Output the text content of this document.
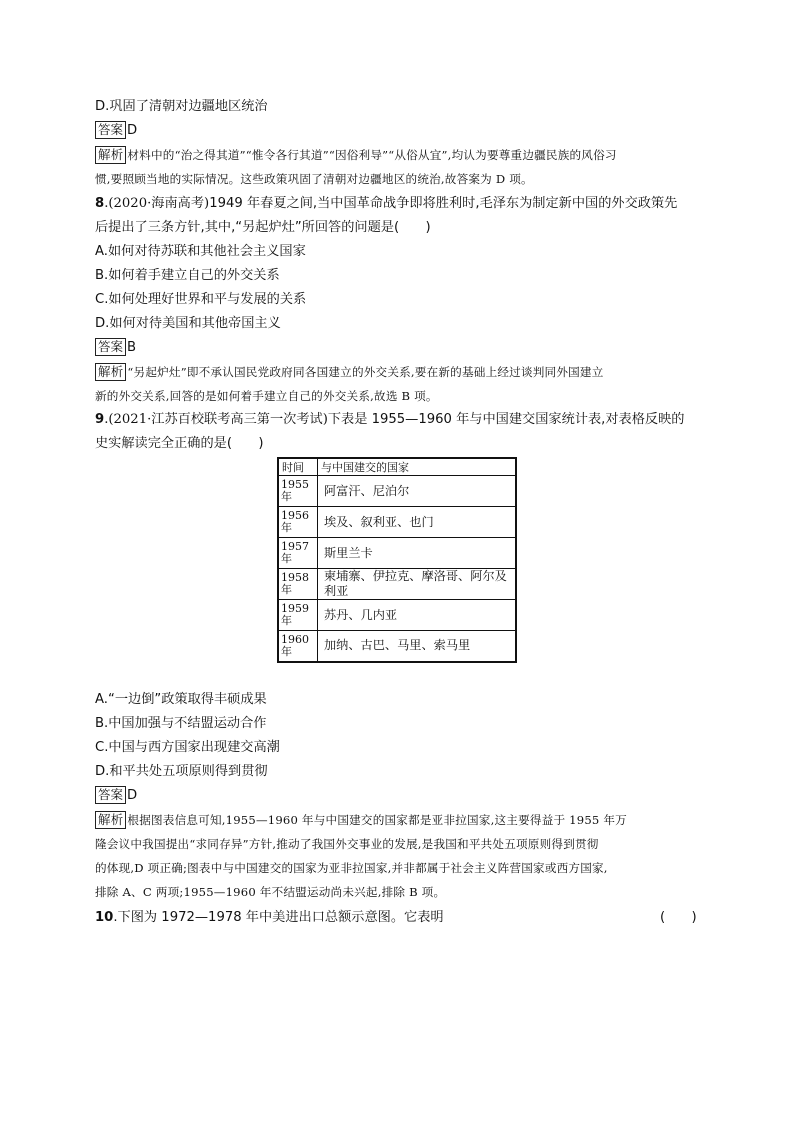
D.巩固了清朝对边疆地区统治
答案 D
解析 材料中的“治之得其道”“惟令各行其道”“因俗利导”“从俗从宜”,均认为要尊重边疆民族的风俗习
惯,要照顾当地的实际情况。这些政策巩固了清朝对边疆地区的统治,故答案为 D 项。
8.(2020·海南高考)1949 年春夏之间,当中国革命战争即将胜利时,毛泽东为制定新中国的外交政策先
后提出了三条方针,其中,“另起炉灶”所回答的问题是(　　)
A.如何对待苏联和其他社会主义国家
B.如何着手建立自己的外交关系
C.如何处理好世界和平与发展的关系
D.如何对待美国和其他帝国主义
答案 B
解析 “另起炉灶”即不承认国民党政府同各国建立的外交关系,要在新的基础上经过谈判同外国建立
新的外交关系,回答的是如何着手建立自己的外交关系,故选 B 项。
9.(2021·江苏百校联考高三第一次考试)下表是 1955—1960 年与中国建交国家统计表,对表格反映的
史实解读完全正确的是(　　)
时间	与中国建交的国家
1955
年	阿富汗、尼泊尔
1956
年	埃及、叙利亚、也门
1957
年	斯里兰卡
1958
年	柬埔寨、伊拉克、摩洛哥、阿尔及
利亚
1959
年	苏丹、几内亚
1960
年	加纳、古巴、马里、索马里
A.“一边倒”政策取得丰硕成果
B.中国加强与不结盟运动合作
C.中国与西方国家出现建交高潮
D.和平共处五项原则得到贯彻
答案 D
解析 根据图表信息可知,1955—1960 年与中国建交的国家都是亚非拉国家,这主要得益于 1955 年万
隆会议中我国提出“求同存异”方针,推动了我国外交事业的发展,是我国和平共处五项原则得到贯彻
的体现,D 项正确;图表中与中国建交的国家为亚非拉国家,并非都属于社会主义阵营国家或西方国家,
排除 A、C 两项;1955—1960 年不结盟运动尚未兴起,排除 B 项。
10.下图为 1972—1978 年中美进出口总额示意图。它表明	(　　)
